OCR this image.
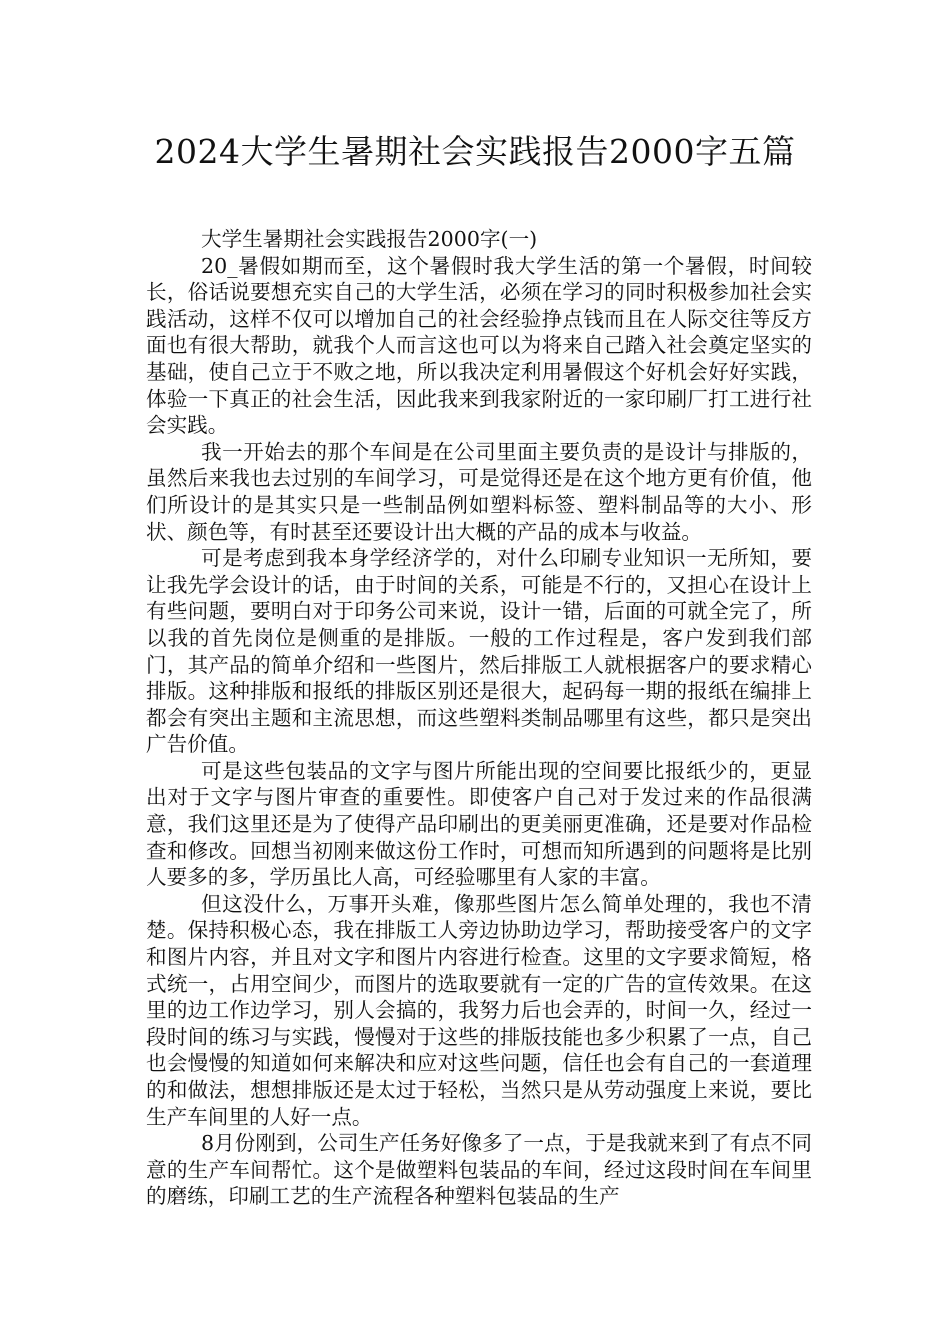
2024大学生暑期社会实践报告2000字五篇

大学生暑期社会实践报告2000字(一)

20_暑假如期而至，这个暑假时我大学生活的第一个暑假，时间较长，俗话说要想充实自己的大学生活，必须在学习的同时积极参加社会实践活动，这样不仅可以增加自己的社会经验挣点钱而且在人际交往等反方面也有很大帮助，就我个人而言这也可以为将来自己踏入社会奠定坚实的基础，使自己立于不败之地，所以我决定利用暑假这个好机会好好实践，体验一下真正的社会生活，因此我来到我家附近的一家印刷厂打工进行社会实践。

我一开始去的那个车间是在公司里面主要负责的是设计与排版的，虽然后来我也去过别的车间学习，可是觉得还是在这个地方更有价值，他们所设计的是其实只是一些制品例如塑料标签、塑料制品等的大小、形状、颜色等，有时甚至还要设计出大概的产品的成本与收益。

可是考虑到我本身学经济学的，对什么印刷专业知识一无所知，要让我先学会设计的话，由于时间的关系，可能是不行的，又担心在设计上有些问题，要明白对于印务公司来说，设计一错，后面的可就全完了，所以我的首先岗位是侧重的是排版。一般的工作过程是，客户发到我们部门，其产品的简单介绍和一些图片，然后排版工人就根据客户的要求精心排版。这种排版和报纸的排版区别还是很大，起码每一期的报纸在编排上都会有突出主题和主流思想，而这些塑料类制品哪里有这些，都只是突出广告价值。

可是这些包装品的文字与图片所能出现的空间要比报纸少的，更显出对于文字与图片审查的重要性。即使客户自己对于发过来的作品很满意，我们这里还是为了使得产品印刷出的更美丽更准确，还是要对作品检查和修改。回想当初刚来做这份工作时，可想而知所遇到的问题将是比别人要多的多，学历虽比人高，可经验哪里有人家的丰富。

但这没什么，万事开头难，像那些图片怎么简单处理的，我也不清楚。保持积极心态，我在排版工人旁边协助边学习，帮助接受客户的文字和图片内容，并且对文字和图片内容进行检查。这里的文字要求简短，格式统一，占用空间少，而图片的选取要就有一定的广告的宣传效果。在这里的边工作边学习，别人会搞的，我努力后也会弄的，时间一久，经过一段时间的练习与实践，慢慢对于这些的排版技能也多少积累了一点，自己也会慢慢的知道如何来解决和应对这些问题，信任也会有自己的一套道理的和做法，想想排版还是太过于轻松，当然只是从劳动强度上来说，要比生产车间里的人好一点。

8月份刚到，公司生产任务好像多了一点，于是我就来到了有点不同意的生产车间帮忙。这个是做塑料包装品的车间，经过这段时间在车间里的磨练，印刷工艺的生产流程各种塑料包装品的生产
